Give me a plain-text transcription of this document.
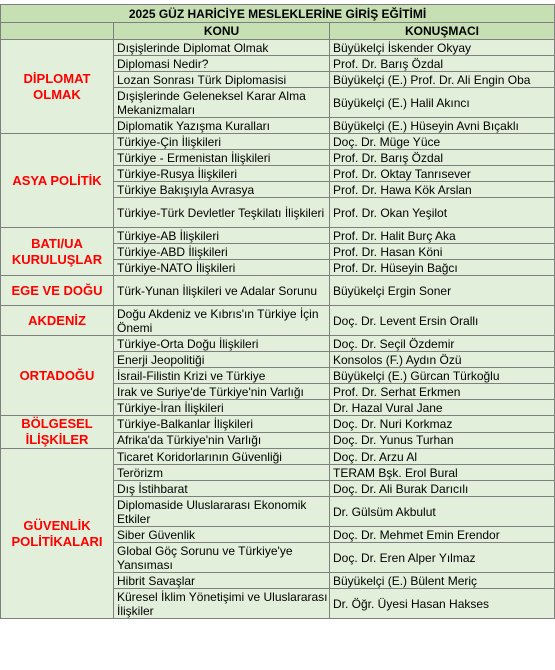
2025 GÜZ HARİCİYE MESLEKLERİNE GİRİŞ EĞİTİMİ		
	KONU	KONUŞMACI
DİPLOMAT OLMAK	Dışişlerinde Diplomat Olmak	Büyükelçi İskender Okyay
	Diplomasi Nedir?	Prof. Dr. Barış Özdal
	Lozan Sonrası Türk Diplomasisi	Büyükelçi (E.) Prof. Dr. Ali Engin Oba
	Dışişlerinde Geleneksel Karar Alma Mekanizmaları	Büyükelçi (E.) Halil Akıncı
	Diplomatik Yazışma Kuralları	Büyükelçi (E.) Hüseyin Avni Bıçaklı
ASYA POLİTİK	Türkiye-Çin İlişkileri	Doç. Dr. Müge Yüce
	Türkiye - Ermenistan İlişkileri	Prof. Dr. Barış Özdal
	Türkiye-Rusya İlişkileri	Prof. Dr. Oktay Tanrısever
	Türkiye Bakışıyla Avrasya	Prof. Dr. Hawa Kök Arslan
	Türkiye-Türk Devletler Teşkilatı İlişkileri	Prof. Dr. Okan Yeşilot
BATI/UA KURULUŞLAR	Türkiye-AB İlişkileri	Prof. Dr. Halit Burç Aka
	Türkiye-ABD İlişkileri	Prof. Dr. Hasan Köni
	Türkiye-NATO İlişkileri	Prof. Dr. Hüseyin Bağcı
EGE VE DOĞU	Türk-Yunan İlişkileri ve Adalar Sorunu	Büyükelçi Ergin Soner
AKDENİZ	Doğu Akdeniz ve Kıbrıs'ın Türkiye İçin Önemi	Doç. Dr. Levent Ersin Orallı
ORTADOĞU	Türkiye-Orta Doğu İlişkileri	Doç. Dr. Seçil Özdemir
	Enerji Jeopolitiği	Konsolos (F.) Aydın Özü
	İsrail-Filistin Krizi ve Türkiye	Büyükelçi (E.) Gürcan Türkoğlu
	Irak ve Suriye'de Türkiye'nin Varlığı	Prof. Dr. Serhat Erkmen
	Türkiye-İran İlişkileri	Dr. Hazal Vural Jane
BÖLGESEL İLİŞKİLER	Türkiye-Balkanlar İlişkileri	Doç. Dr. Nuri Korkmaz
	Afrika'da Türkiye'nin Varlığı	Doç. Dr. Yunus Turhan
GÜVENLİK POLİTİKALARI	Ticaret Koridorlarının Güvenliği	Doç. Dr. Arzu Al
	Terörizm	TERAM Bşk. Erol Bural
	Dış İstihbarat	Doç. Dr. Ali Burak Darıcılı
	Diplomaside Uluslararası Ekonomik Etkiler	Dr. Gülsüm Akbulut
	Siber Güvenlik	Doç. Dr. Mehmet Emin Erendor
	Global Göç Sorunu ve Türkiye'ye Yansıması	Doç. Dr. Eren Alper Yılmaz
	Hibrit Savaşlar	Büyükelçi (E.) Bülent Meriç
	Küresel İklim Yönetişimi ve Uluslararası İlişkiler	Dr. Öğr. Üyesi Hasan Hakses
